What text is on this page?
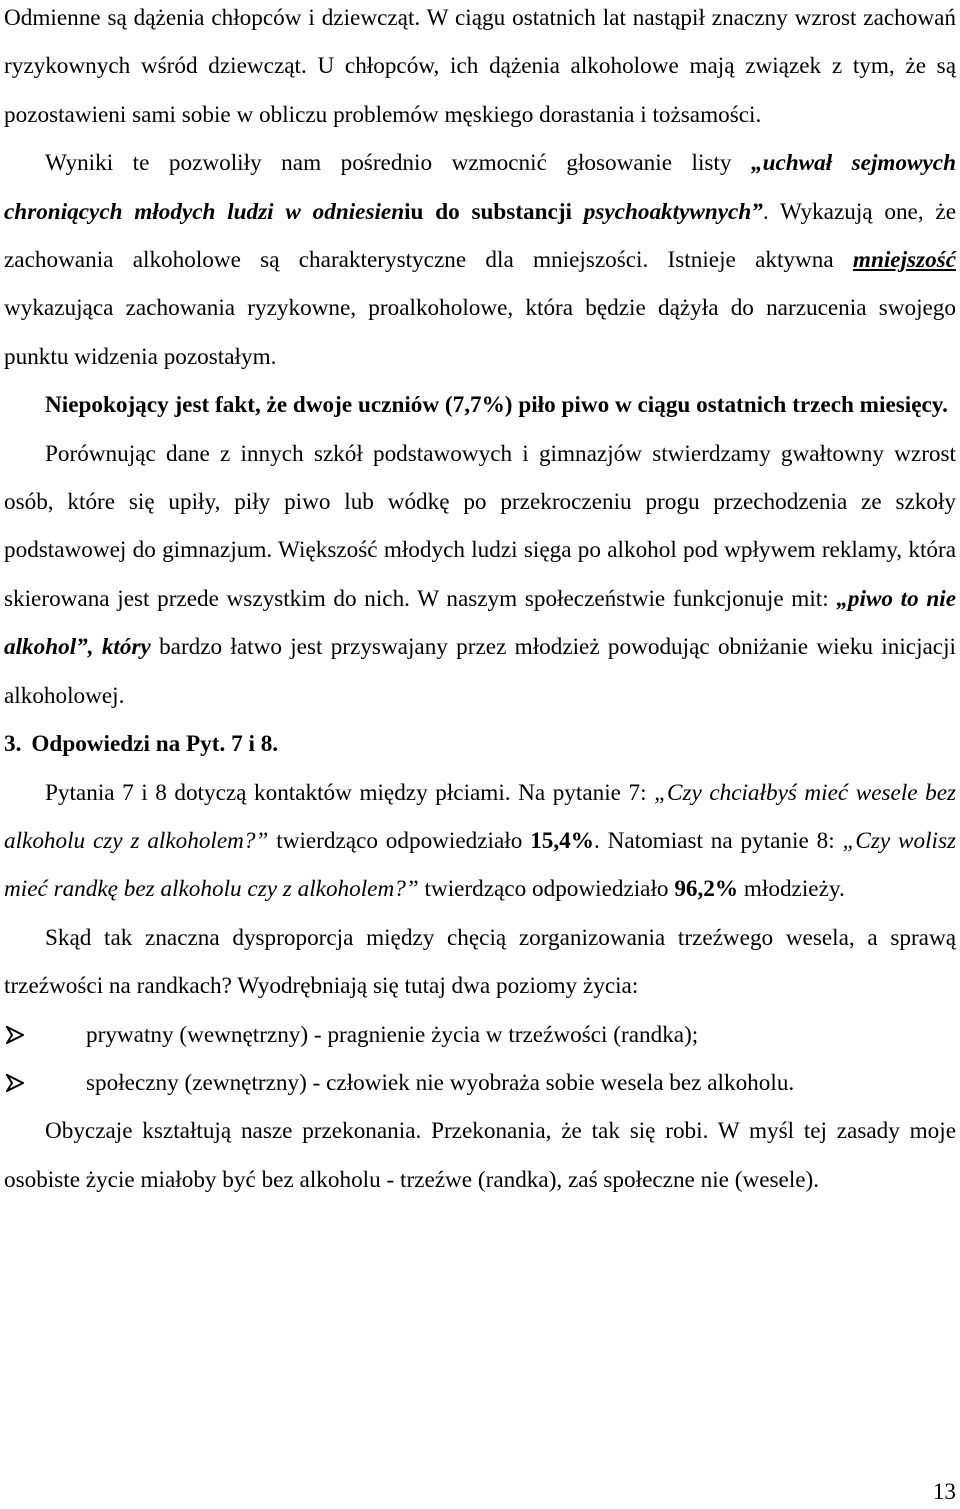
Odmienne są dążenia chłopców i dziewcząt. W ciągu ostatnich lat nastąpił znaczny wzrost zachowań ryzykownych wśród dziewcząt. U chłopców, ich dążenia alkoholowe mają związek z tym, że są pozostawieni sami sobie w obliczu problemów męskiego dorastania i tożsamości.

Wyniki te pozwoliły nam pośrednio wzmocnić głosowanie listy „uchwał sejmowych chroniących młodych ludzi w odniesieniu do substancji psychoaktywnych”. Wykazują one, że zachowania alkoholowe są charakterystyczne dla mniejszości. Istnieje aktywna mniejszość wykazująca zachowania ryzykowne, proalkoholowe, która będzie dążyła do narzucenia swojego punktu widzenia pozostałym.

Niepokojący jest fakt, że dwoje uczniów (7,7%) piło piwo w ciągu ostatnich trzech miesięcy.

Porównując dane z innych szkół podstawowych i gimnazjów stwierdzamy gwałtowny wzrost osób, które się upiły, piły piwo lub wódkę po przekroczeniu progu przechodzenia ze szkoły podstawowej do gimnazjum. Większość młodych ludzi sięga po alkohol pod wpływem reklamy, która skierowana jest przede wszystkim do nich. W naszym społeczeństwie funkcjonuje mit: „piwo to nie alkohol”, który bardzo łatwo jest przyswajany przez młodzież powodując obniżanie wieku inicjacji alkoholowej.

3. Odpowiedzi na Pyt. 7 i 8.

Pytania 7 i 8 dotyczą kontaktów między płciami. Na pytanie 7: „Czy chciałbyś mieć wesele bez alkoholu czy z alkoholem?” twierdząco odpowiedziało 15,4%. Natomiast na pytanie 8: „Czy wolisz mieć randkę bez alkoholu czy z alkoholem?” twierdząco odpowiedziało 96,2% młodzieży.

Skąd tak znaczna dysproporcja między chęcią zorganizowania trzeźwego wesela, a sprawą trzeźwości na randkach? Wyodrębniają się tutaj dwa poziomy życia:

prywatny (wewnętrzny) - pragnienie życia w trzeźwości (randka);
społeczny (zewnętrzny) - człowiek nie wyobraża sobie wesela bez alkoholu.

Obyczaje kształtują nasze przekonania. Przekonania, że tak się robi. W myśl tej zasady moje osobiste życie miałoby być bez alkoholu - trzeźwe (randka), zaś społeczne nie (wesele).

13
